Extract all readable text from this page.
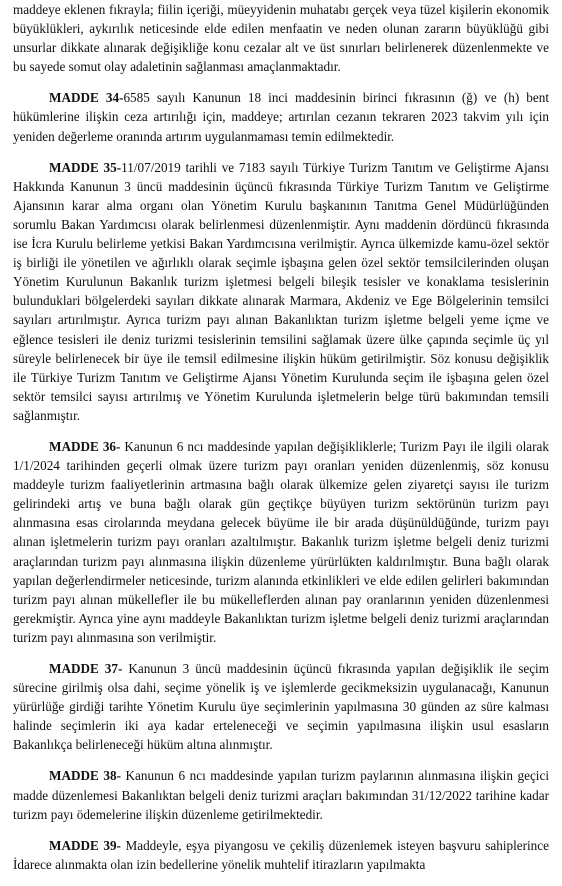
maddeye eklenen fıkrayla; fiilin içeriği, müeyyidenin muhatabı gerçek veya tüzel kişilerin ekonomik büyüklükleri, aykırılık neticesinde elde edilen menfaatin ve neden olunan zararın büyüklüğü gibi unsurlar dikkate alınarak değişikliğe konu cezalar alt ve üst sınırları belirlenerek düzenlenmekte ve bu sayede somut olay adaletinin sağlanması amaçlanmaktadır.

MADDE 34-6585 sayılı Kanunun 18 inci maddesinin birinci fıkrasının (ğ) ve (h) bent hükümlerine ilişkin ceza artırılığı için, maddeye; artırılan cezanın tekraren 2023 takvim yılı için yeniden değerleme oranında artırım uygulanmaması temin edilmektedir.

MADDE 35-11/07/2019 tarihli ve 7183 sayılı Türkiye Turizm Tanıtım ve Geliştirme Ajansı Hakkında Kanunun 3 üncü maddesinin üçüncü fıkrasında Türkiye Turizm Tanıtım ve Geliştirme Ajansının karar alma organı olan Yönetim Kurulu başkanının Tanıtma Genel Müdürlüğünden sorumlu Bakan Yardımcısı olarak belirlenmesi düzenlenmiştir. Aynı maddenin dördüncü fıkrasında ise İcra Kurulu belirleme yetkisi Bakan Yardımcısına verilmiştir. Ayrıca ülkemizde kamu-özel sektör iş birliği ile yönetilen ve ağırlıklı olarak seçimle işbaşına gelen özel sektör temsilcilerinden oluşan Yönetim Kurulunun Bakanlık turizm işletmesi belgeli bileşik tesisler ve konaklama tesislerinin bulunduklari bölgelerdeki sayıları dikkate alınarak Marmara, Akdeniz ve Ege Bölgelerinin temsilci sayıları artırılmıştır. Ayrıca turizm payı alınan Bakanlıktan turizm işletme belgeli yeme içme ve eğlence tesisleri ile deniz turizmi tesislerinin temsilini sağlamak üzere ülke çapında seçimle üç yıl süreyle belirlenecek bir üye ile temsil edilmesine ilişkin hüküm getirilmiştir. Söz konusu değişiklik ile Türkiye Turizm Tanıtım ve Geliştirme Ajansı Yönetim Kurulunda seçim ile işbaşına gelen özel sektör temsilci sayısı artırılmış ve Yönetim Kurulunda işletmelerin belge türü bakımından temsili sağlanmıştır.

MADDE 36- Kanunun 6 ncı maddesinde yapılan değişikliklerle; Turizm Payı ile ilgili olarak 1/1/2024 tarihinden geçerli olmak üzere turizm payı oranları yeniden düzenlenmiş, söz konusu maddeyle turizm faaliyetlerinin artmasına bağlı olarak ülkemize gelen ziyaretçi sayısı ile turizm gelirindeki artış ve buna bağlı olarak gün geçtikçe büyüyen turizm sektörünün turizm payı alınmasına esas cirolarında meydana gelecek büyüme ile bir arada düşünüldüğünde, turizm payı alınan işletmelerin turizm payı oranları azaltılmıştır. Bakanlık turizm işletme belgeli deniz turizmi araçlarından turizm payı alınmasına ilişkin düzenleme yürürlükten kaldırılmıştır. Buna bağlı olarak yapılan değerlendirmeler neticesinde, turizm alanında etkinlikleri ve elde edilen gelirleri bakımından turizm payı alınan mükellefler ile bu mükelleflerden alınan pay oranlarının yeniden düzenlenmesi gerekmiştir. Ayrıca yine aynı maddeyle Bakanlıktan turizm işletme belgeli deniz turizmi araçlarından turizm payı alınmasına son verilmiştir.

MADDE 37- Kanunun 3 üncü maddesinin üçüncü fıkrasında yapılan değişiklik ile seçim sürecine girilmiş olsa dahi, seçime yönelik iş ve işlemlerde gecikmeksizin uygulanacağı, Kanunun yürürlüğe girdiği tarihte Yönetim Kurulu üye seçimlerinin yapılmasına 30 günden az süre kalması halinde seçimlerin iki aya kadar erteleneceği ve seçimin yapılmasına ilişkin usul esasların Bakanlıkça belirleneceği hüküm altına alınmıştır.

MADDE 38- Kanunun 6 ncı maddesinde yapılan turizm paylarının alınmasına ilişkin geçici madde düzenlemesi Bakanlıktan belgeli deniz turizmi araçları bakımından 31/12/2022 tarihine kadar turizm payı ödemelerine ilişkin düzenleme getirilmektedir.

MADDE 39- Maddeyle, eşya piyangosu ve çekiliş düzenlemek isteyen başvuru sahiplerince İdarece alınmakta olan izin bedellerine yönelik muhtelif itirazların yapılmakta
